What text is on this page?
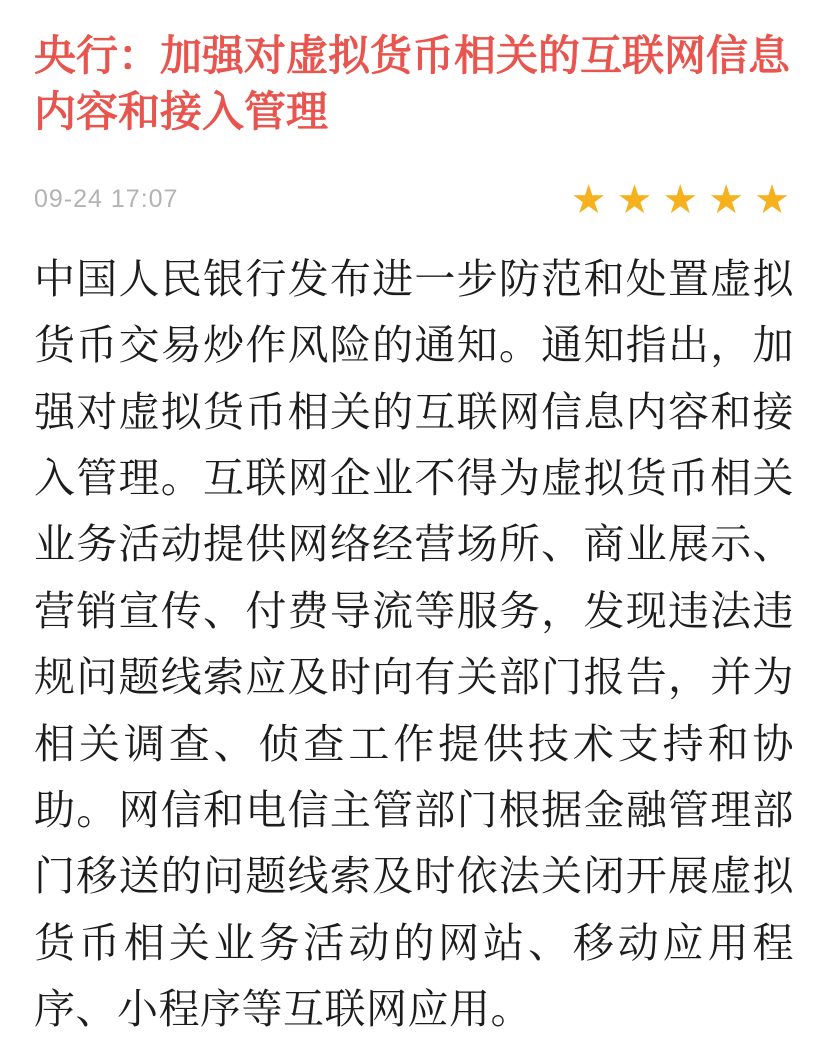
央行：加强对虚拟货币相关的互联网信息内容和接入管理
09-24 17:07	★ ★ ★ ★ ★

中国人民银行发布进一步防范和处置虚拟货币交易炒作风险的通知。通知指出，加强对虚拟货币相关的互联网信息内容和接入管理。互联网企业不得为虚拟货币相关业务活动提供网络经营场所、商业展示、营销宣传、付费导流等服务，发现违法违规问题线索应及时向有关部门报告，并为相关调查、侦查工作提供技术支持和协助。网信和电信主管部门根据金融管理部门移送的问题线索及时依法关闭开展虚拟货币相关业务活动的网站、移动应用程序、小程序等互联网应用。
